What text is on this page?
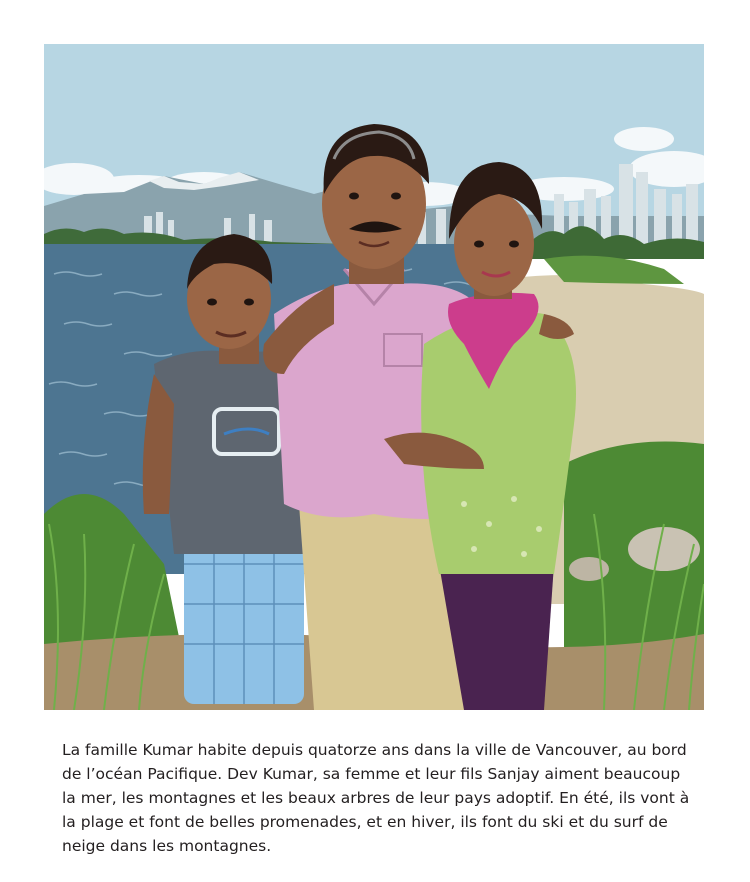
La famille Kumar habite depuis quatorze ans dans la ville de Vancouver, au bord de l’océan Pacifique. Dev Kumar, sa femme et leur fils Sanjay aiment beaucoup la mer, les montagnes et les beaux arbres de leur pays adoptif. En été, ils vont à la plage et font de belles promenades, et en hiver, ils font du ski et du surf de neige dans les montagnes.
